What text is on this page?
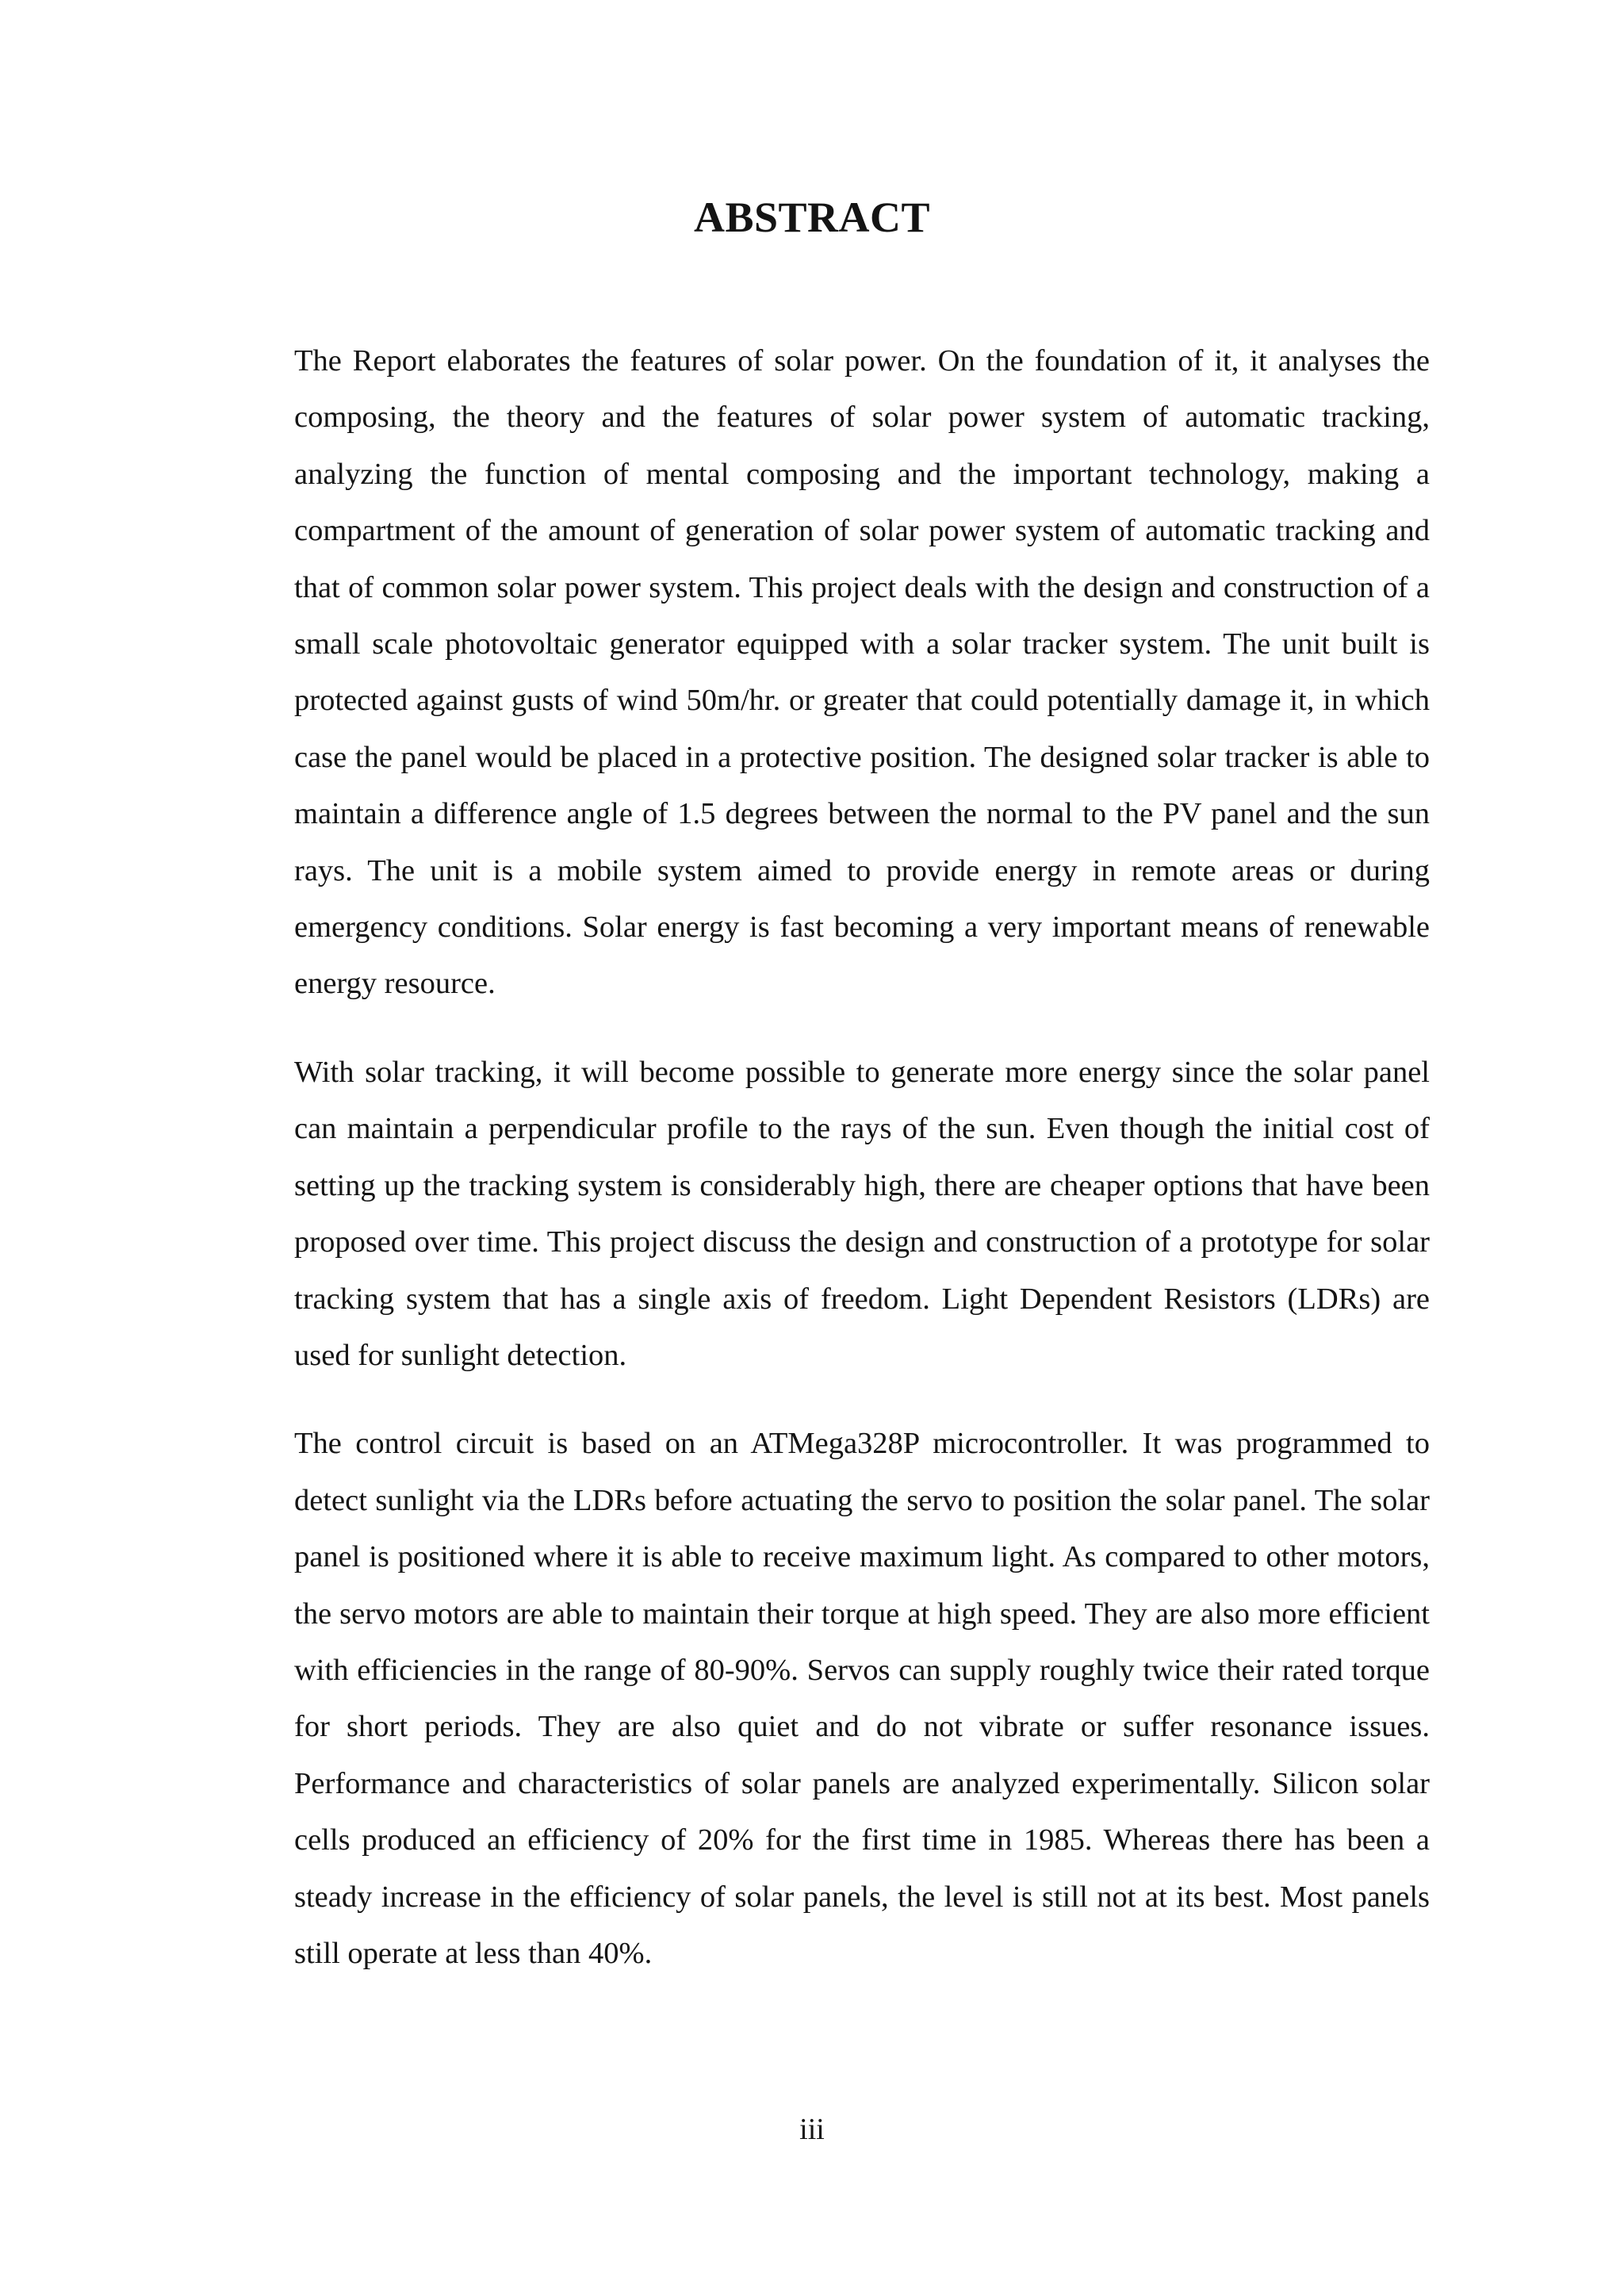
ABSTRACT

The Report elaborates the features of solar power. On the foundation of it, it analyses the composing, the theory and the features of solar power system of automatic tracking, analyzing the function of mental composing and the important technology, making a compartment of the amount of generation of solar power system of automatic tracking and that of common solar power system. This project deals with the design and construction of a small scale photovoltaic generator equipped with a solar tracker system. The unit built is protected against gusts of wind 50m/hr. or greater that could potentially damage it, in which case the panel would be placed in a protective position. The designed solar tracker is able to maintain a difference angle of 1.5 degrees between the normal to the PV panel and the sun rays. The unit is a mobile system aimed to provide energy in remote areas or during emergency conditions. Solar energy is fast becoming a very important means of renewable energy resource.

With solar tracking, it will become possible to generate more energy since the solar panel can maintain a perpendicular profile to the rays of the sun. Even though the initial cost of setting up the tracking system is considerably high, there are cheaper options that have been proposed over time. This project discuss the design and construction of a prototype for solar tracking system that has a single axis of freedom. Light Dependent Resistors (LDRs) are used for sunlight detection.

The control circuit is based on an ATMega328P microcontroller. It was programmed to detect sunlight via the LDRs before actuating the servo to position the solar panel. The solar panel is positioned where it is able to receive maximum light. As compared to other motors, the servo motors are able to maintain their torque at high speed. They are also more efficient with efficiencies in the range of 80-90%. Servos can supply roughly twice their rated torque for short periods. They are also quiet and do not vibrate or suffer resonance issues. Performance and characteristics of solar panels are analyzed experimentally. Silicon solar cells produced an efficiency of 20% for the first time in 1985. Whereas there has been a steady increase in the efficiency of solar panels, the level is still not at its best. Most panels still operate at less than 40%.

iii
